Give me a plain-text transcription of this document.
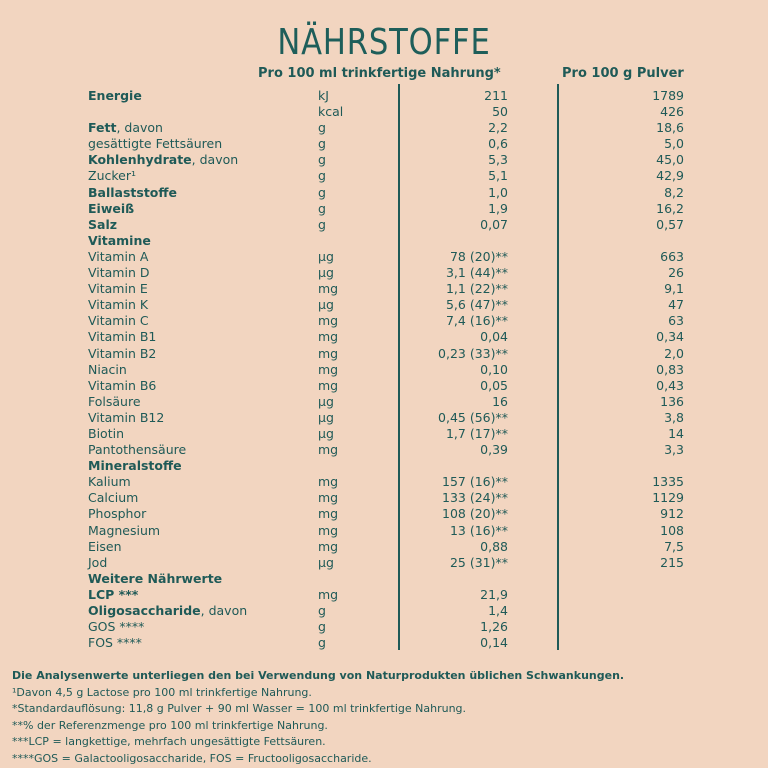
NÄHRSTOFFE
Pro 100 ml trinkfertige Nahrung*	Pro 100 g Pulver
Energie	kJ	211	1789
kcal	50	426
Fett, davon	g	2,2	18,6
gesättigte Fettsäuren	g	0,6	5,0
Kohlenhydrate, davon	g	5,3	45,0
Zucker¹	g	5,1	42,9
Ballaststoffe	g	1,0	8,2
Eiweiß	g	1,9	16,2
Salz	g	0,07	0,57
Vitamine
Vitamin A	µg	78 (20)**	663
Vitamin D	µg	3,1 (44)**	26
Vitamin E	mg	1,1 (22)**	9,1
Vitamin K	µg	5,6 (47)**	47
Vitamin C	mg	7,4 (16)**	63
Vitamin B1	mg	0,04	0,34
Vitamin B2	mg	0,23 (33)**	2,0
Niacin	mg	0,10	0,83
Vitamin B6	mg	0,05	0,43
Folsäure	µg	16	136
Vitamin B12	µg	0,45 (56)**	3,8
Biotin	µg	1,7 (17)**	14
Pantothensäure	mg	0,39	3,3
Mineralstoffe
Kalium	mg	157 (16)**	1335
Calcium	mg	133 (24)**	1129
Phosphor	mg	108 (20)**	912
Magnesium	mg	13 (16)**	108
Eisen	mg	0,88	7,5
Jod	µg	25 (31)**	215
Weitere Nährwerte
LCP ***	mg	21,9
Oligosaccharide, davon	g	1,4
GOS ****	g	1,26
FOS ****	g	0,14
Die Analysenwerte unterliegen den bei Verwendung von Naturprodukten üblichen Schwankungen.
¹Davon 4,5 g Lactose pro 100 ml trinkfertige Nahrung.
*Standardauflösung: 11,8 g Pulver + 90 ml Wasser = 100 ml trinkfertige Nahrung.
**% der Referenzmenge pro 100 ml trinkfertige Nahrung.
***LCP = langkettige, mehrfach ungesättigte Fettsäuren.
****GOS = Galactooligosaccharide, FOS = Fructooligosaccharide.
